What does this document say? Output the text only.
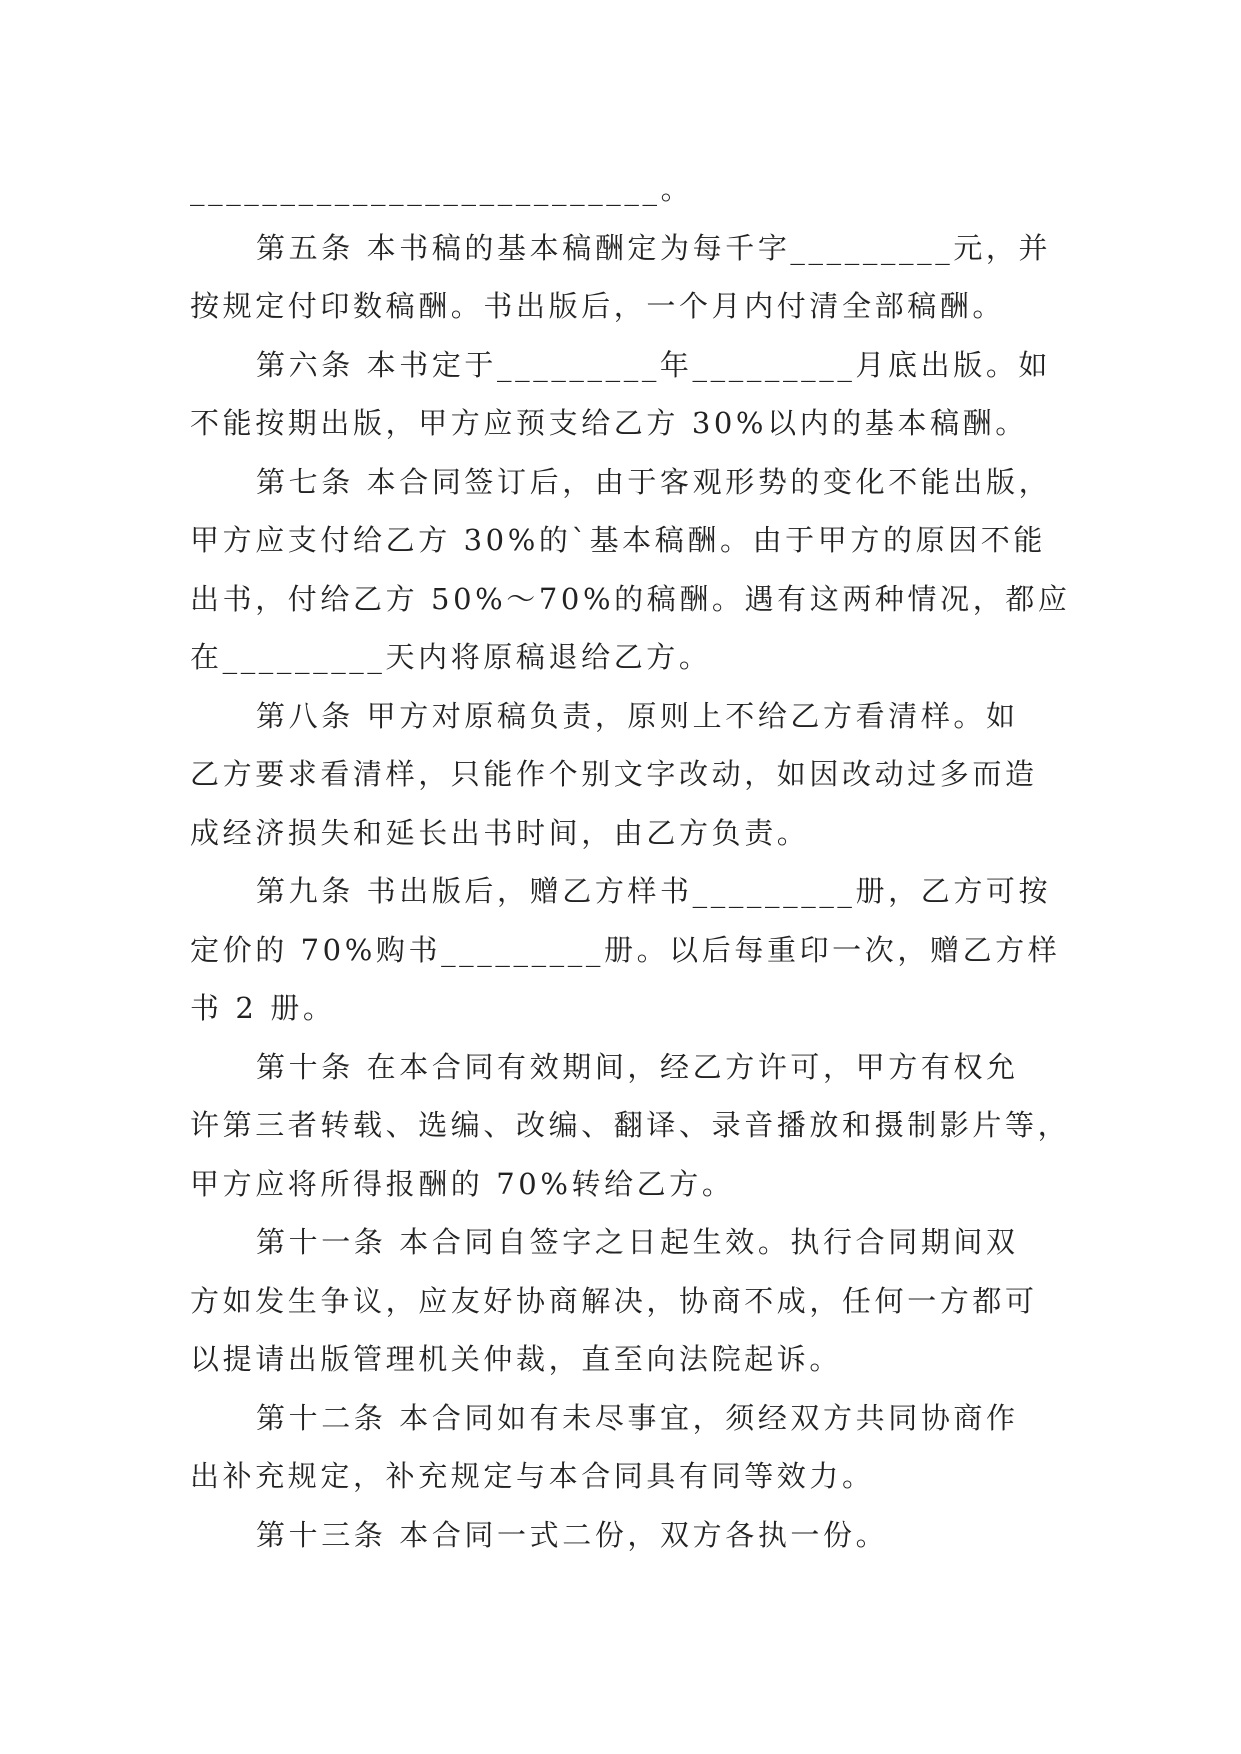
__________________________。
第五条 本书稿的基本稿酬定为每千字_________元，并
按规定付印数稿酬。书出版后，一个月内付清全部稿酬。
第六条 本书定于_________年_________月底出版。如
不能按期出版，甲方应预支给乙方 30%以内的基本稿酬。
第七条 本合同签订后，由于客观形势的变化不能出版，
甲方应支付给乙方 30%的`基本稿酬。由于甲方的原因不能
出书，付给乙方 50%～70%的稿酬。遇有这两种情况，都应
在_________天内将原稿退给乙方。
第八条 甲方对原稿负责，原则上不给乙方看清样。如
乙方要求看清样，只能作个别文字改动，如因改动过多而造
成经济损失和延长出书时间，由乙方负责。
第九条 书出版后，赠乙方样书_________册，乙方可按
定价的 70%购书_________册。以后每重印一次，赠乙方样
书 2 册。
第十条 在本合同有效期间，经乙方许可，甲方有权允
许第三者转载、选编、改编、翻译、录音播放和摄制影片等，
甲方应将所得报酬的 70%转给乙方。
第十一条 本合同自签字之日起生效。执行合同期间双
方如发生争议，应友好协商解决，协商不成，任何一方都可
以提请出版管理机关仲裁，直至向法院起诉。
第十二条 本合同如有未尽事宜，须经双方共同协商作
出补充规定，补充规定与本合同具有同等效力。
第十三条 本合同一式二份，双方各执一份。
